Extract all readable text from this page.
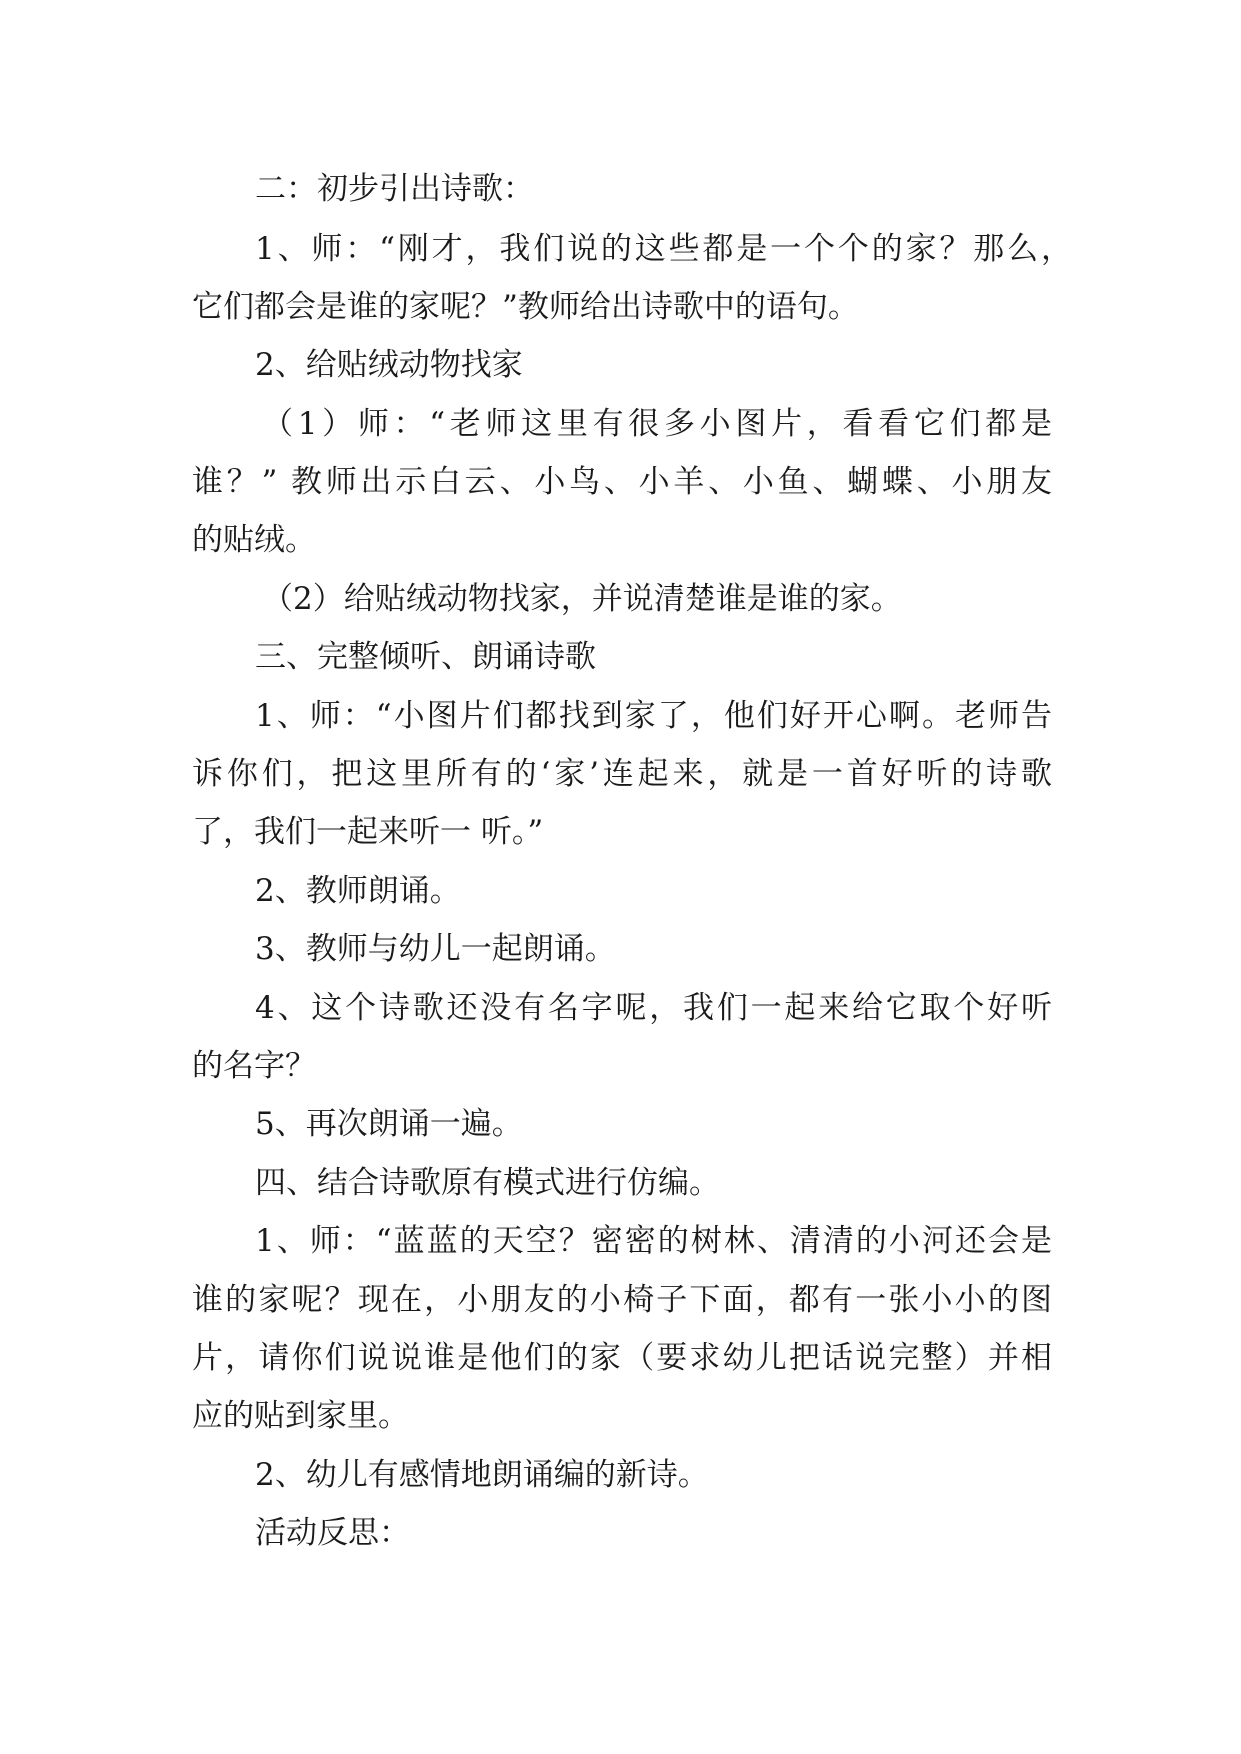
二：初步引出诗歌：

1、师：“刚才，我们说的这些都是一个个的家？那么，

它们都会是谁的家呢？”教师给出诗歌中的语句。

2、给贴绒动物找家

（1）师：“老师这里有很多小图片，看看它们都是

谁？” 教师出示白云、小鸟、小羊、小鱼、蝴蝶、小朋友

的贴绒。

（2）给贴绒动物找家，并说清楚谁是谁的家。

三、完整倾听、朗诵诗歌

1、师：“小图片们都找到家了，他们好开心啊。老师告

诉你们，把这里所有的‘家’连起来，就是一首好听的诗歌

了，我们一起来听一 听。”

2、教师朗诵。

3、教师与幼儿一起朗诵。

4、这个诗歌还没有名字呢，我们一起来给它取个好听

的名字？

5、再次朗诵一遍。

四、结合诗歌原有模式进行仿编。

1、师：“蓝蓝的天空？密密的树林、清清的小河还会是

谁的家呢？现在，小朋友的小椅子下面，都有一张小小的图

片，请你们说说谁是他们的家（要求幼儿把话说完整）并相

应的贴到家里。

2、幼儿有感情地朗诵编的新诗。

活动反思：
